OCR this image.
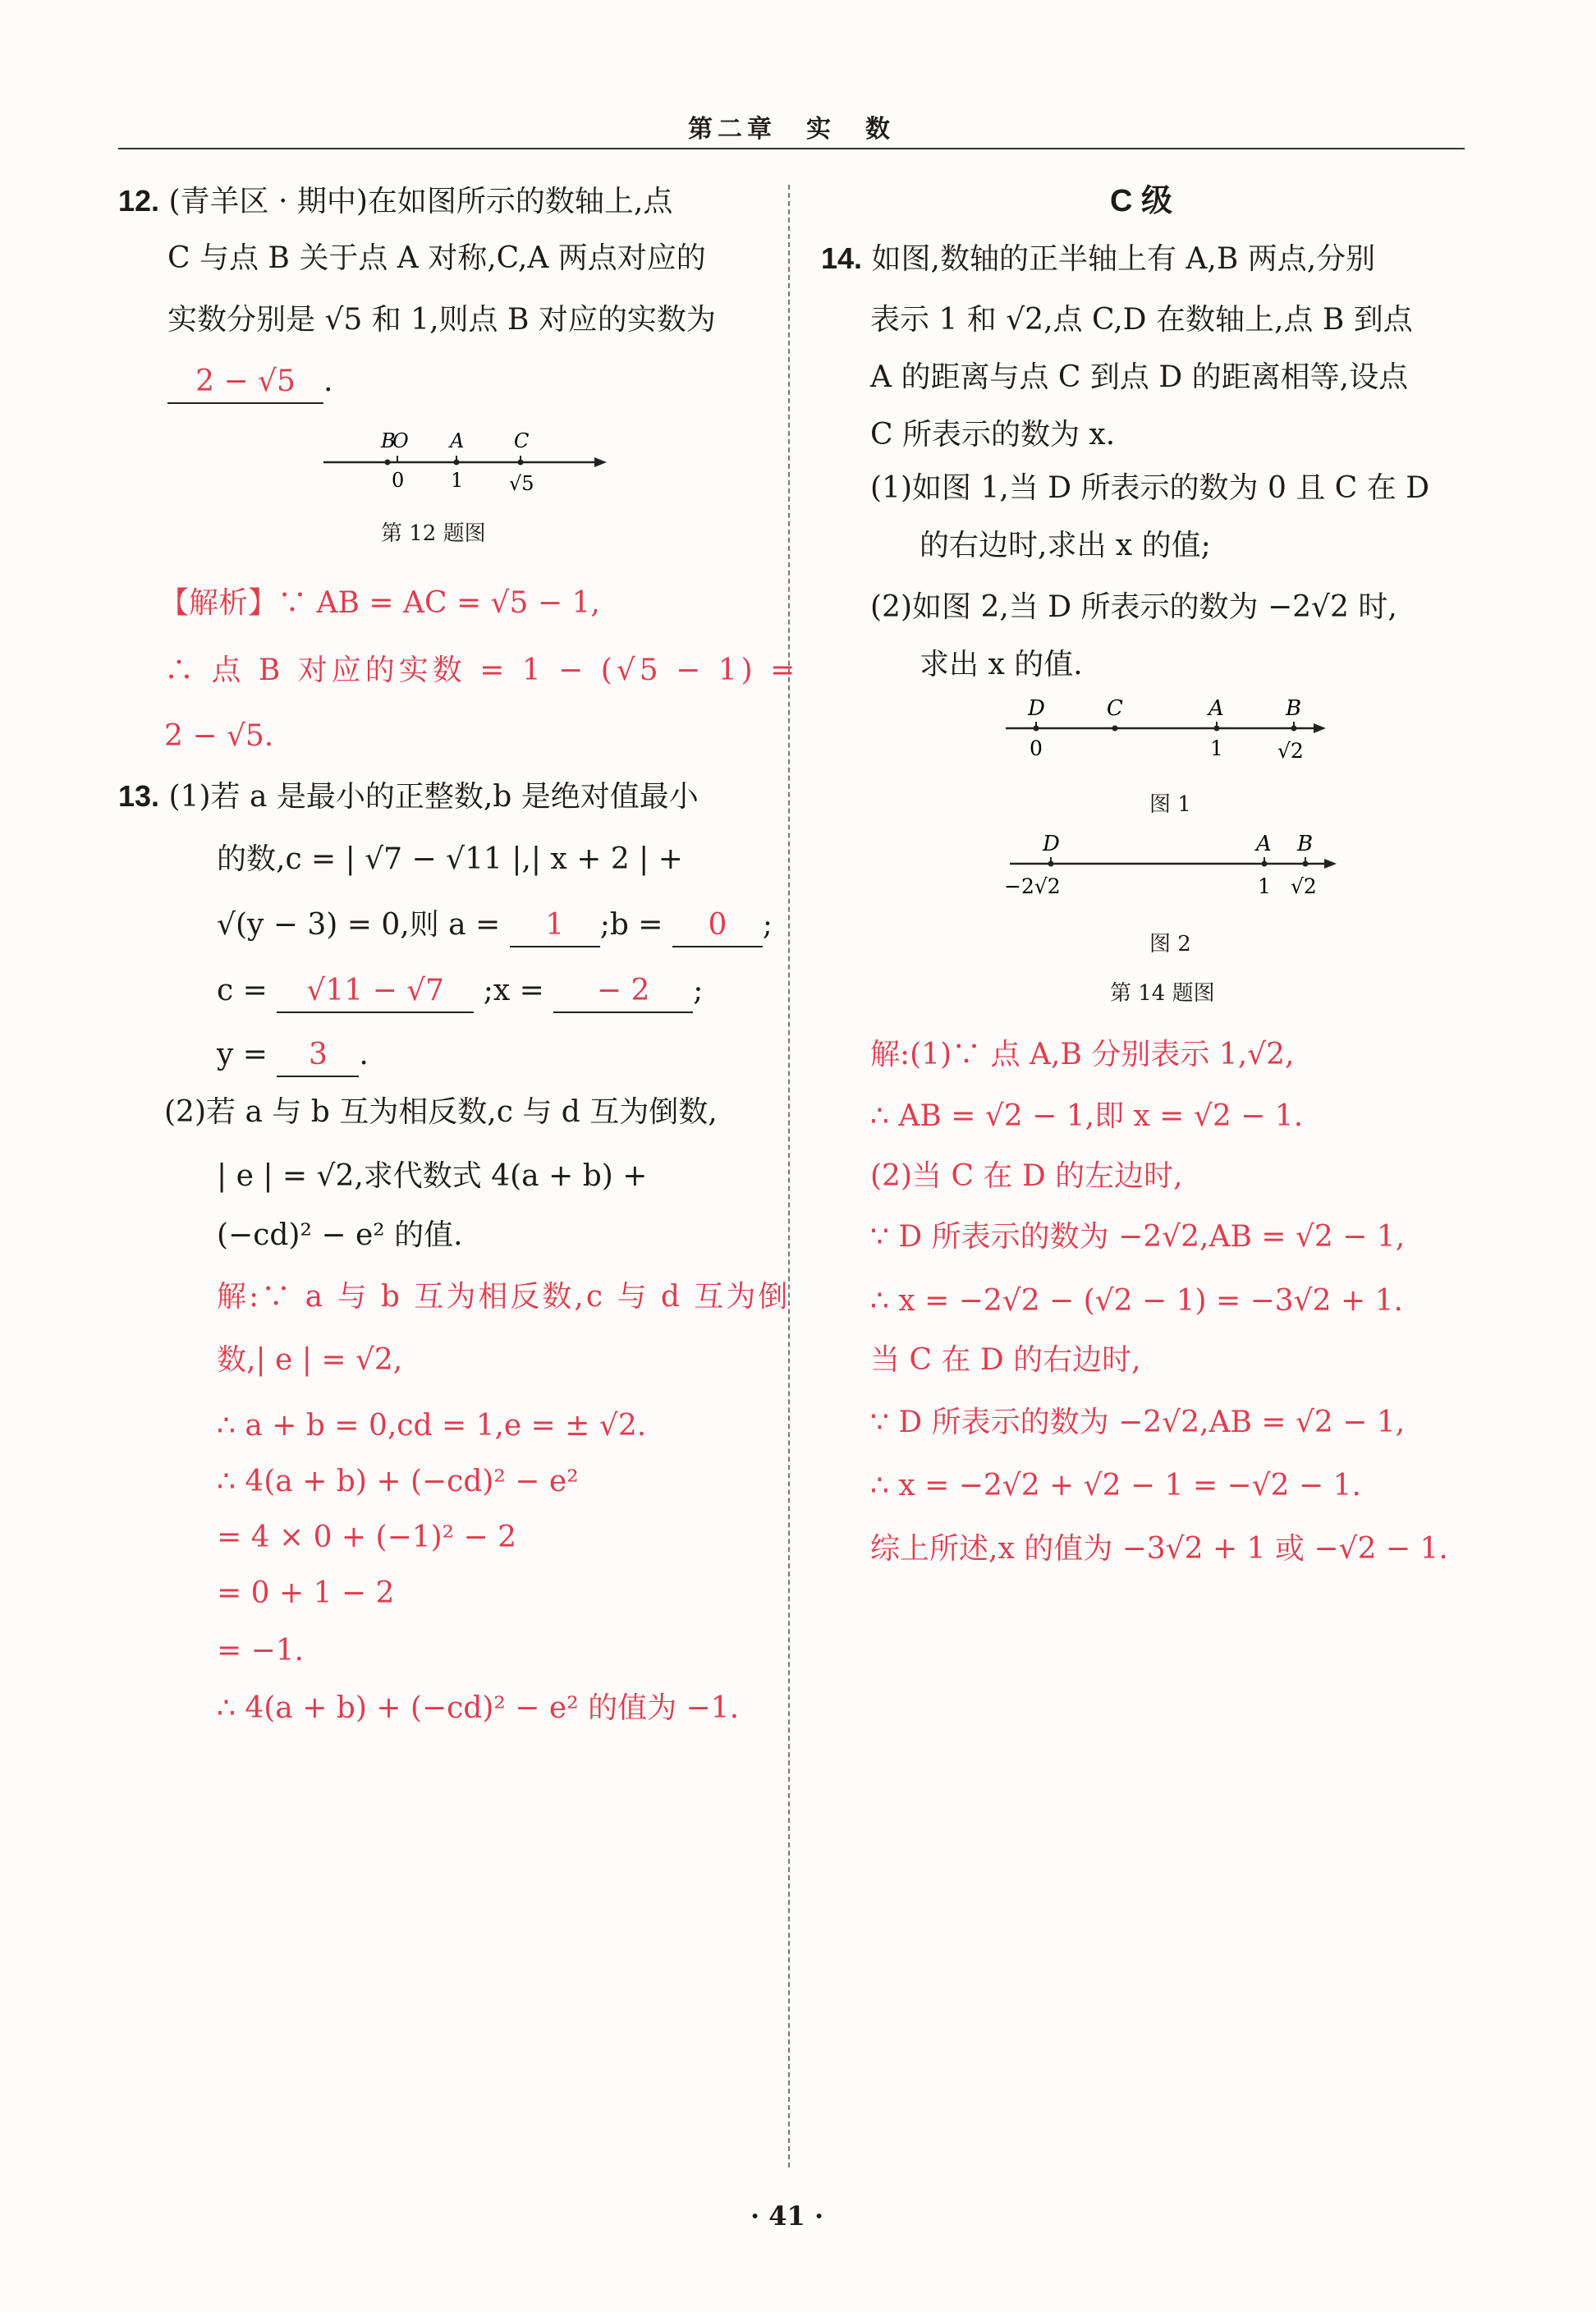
第二章　实　数
12. (青羊区 · 期中)在如图所示的数轴上,点
C 与点 B 关于点 A 对称,C,A 两点对应的
实数分别是 √5 和 1,则点 B 对应的实数为
2 − √5 .
B
O A	C
0 1 √5
第 12 题图
【解析】∵ AB = AC = √5 − 1,
∴ 点 B 对应的实数 = 1 − (√5 − 1) =
2 − √5.
13. (1)若 a 是最小的正整数,b 是绝对值最小
的数,c = | √7 − √11 |,| x + 2 | +
√(y − 3) = 0,则 a = 1 ;b = 0 ;
c = √11 − √7 ;x = − 2 ;
y = 3 .
(2)若 a 与 b 互为相反数,c 与 d 互为倒数,
| e | = √2,求代数式 4(a + b) +
(−cd)² − e² 的值.
解:∵ a 与 b 互为相反数,c 与 d 互为倒
数,| e | = √2,
∴ a + b = 0,cd = 1,e = ± √2.
∴ 4(a + b) + (−cd)² − e²
= 4 × 0 + (−1)² − 2
= 0 + 1 − 2
= −1.
∴ 4(a + b) + (−cd)² − e² 的值为 −1.
C 级
14. 如图,数轴的正半轴上有 A,B 两点,分别
表示 1 和 √2,点 C,D 在数轴上,点 B 到点
A 的距离与点 C 到点 D 的距离相等,设点
C 所表示的数为 x.
(1)如图 1,当 D 所表示的数为 0 且 C 在 D
的右边时,求出 x 的值;
(2)如图 2,当 D 所表示的数为 −2√2 时,
求出 x 的值.
D	C	A	B
0	1	√2
图 1
D	A B
−2√2	1 √2
图 2
第 14 题图
解:(1)∵ 点 A,B 分别表示 1,√2,
∴ AB = √2 − 1,即 x = √2 − 1.
(2)当 C 在 D 的左边时,
∵ D 所表示的数为 −2√2,AB = √2 − 1,
∴ x = −2√2 − (√2 − 1) = −3√2 + 1.
当 C 在 D 的右边时,
∵ D 所表示的数为 −2√2,AB = √2 − 1,
∴ x = −2√2 + √2 − 1 = −√2 − 1.
综上所述,x 的值为 −3√2 + 1 或 −√2 − 1.
· 41 ·
